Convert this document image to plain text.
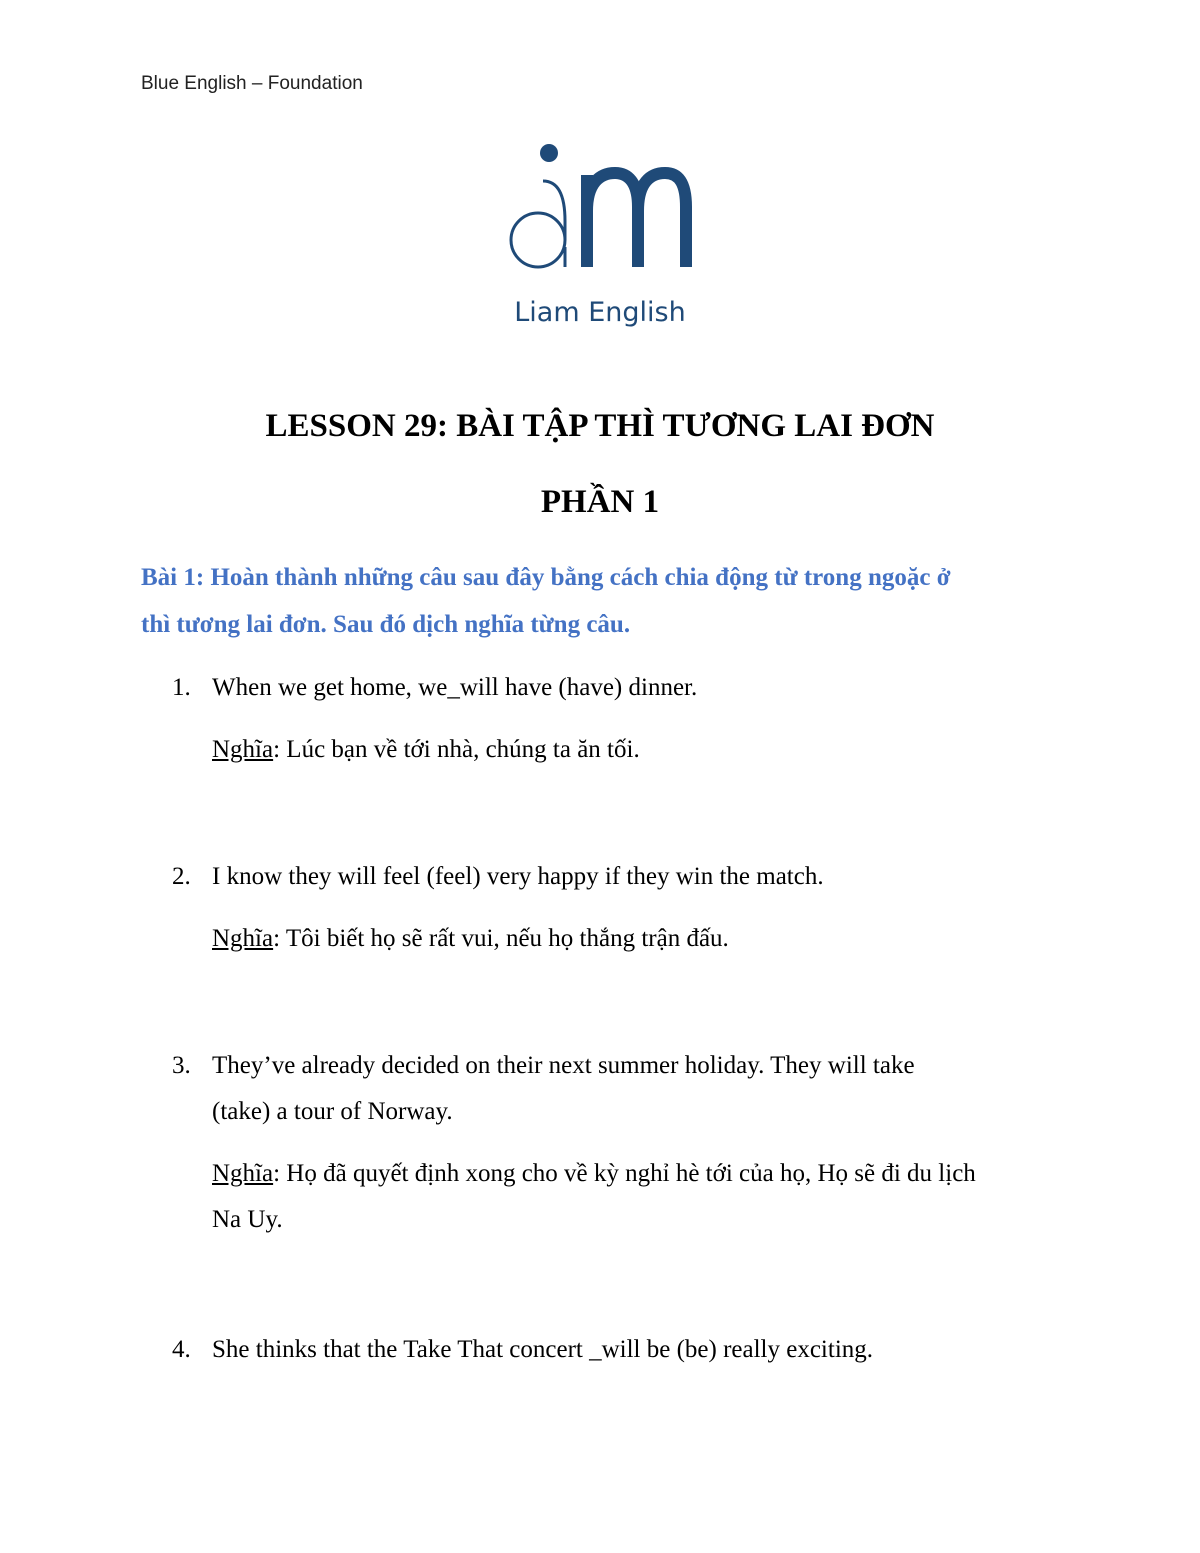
Blue English – Foundation
Liam English
LESSON 29: BÀI TẬP THÌ TƯƠNG LAI ĐƠN
PHẦN 1
Bài 1: Hoàn thành những câu sau đây bằng cách chia động từ trong ngoặc ở
thì tương lai đơn. Sau đó dịch nghĩa từng câu.
1. When we get home, we_will have (have) dinner.
Nghĩa: Lúc bạn về tới nhà, chúng ta ăn tối.
2. I know they will feel (feel) very happy if they win the match.
Nghĩa: Tôi biết họ sẽ rất vui, nếu họ thắng trận đấu.
3. They’ve already decided on their next summer holiday. They will take
(take) a tour of Norway.
Nghĩa: Họ đã quyết định xong cho về kỳ nghỉ hè tới của họ, Họ sẽ đi du lịch
Na Uy.
4. She thinks that the Take That concert _will be (be) really exciting.
